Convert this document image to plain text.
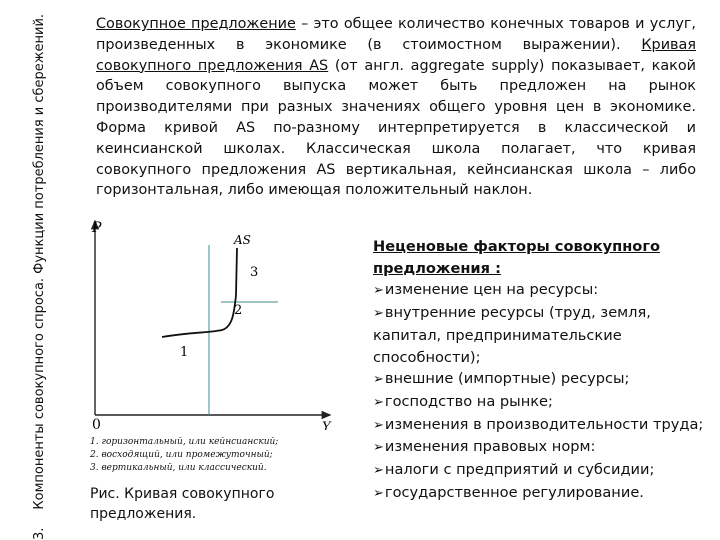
3.Компоненты совокупного спроса. Функции потребления и сбережений.	Совокупное предложение – это общее количество конечных товаров и услуг, произведенных в экономике (в стоимостном выражении). Кривая совокупного предложения AS (от англ. aggregate supply) показывает, какой объем совокупного выпуска может быть предложен на рынок производителями при разных значениях общего уровня цен в экономике. Форма кривой AS по-разному интерпретируется в классической и кеинсианской школах. Классическая школа полагает, что кривая совокупного предложения AS вертикальная, кейнсианская школа – либо горизонтальная, либо имеющая положительный наклон.

P
Y
0
AS
1
2
3
1. горизонтальный, или кейнсианский;
2. восходящий, или промежуточный;
3. вертикальный, или классический.
Рис. Кривая совокупного предложения.
Неценовые факторы совокупного предложения :
➢ изменение цен на ресурсы:
➢ внутренние ресурсы (труд, земля, капитал, предпринимательские способности);
➢ внешние (импортные) ресурсы;
➢ господство на рынке;
➢ изменения в производительности труда;
➢ изменения правовых норм:
➢ налоги с предприятий и субсидии;
➢ государственное регулирование.
